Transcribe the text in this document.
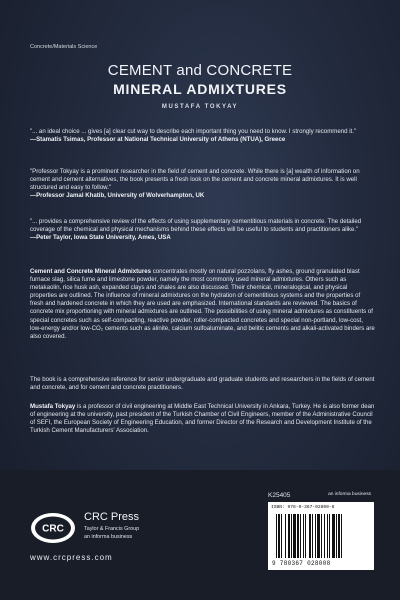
Concrete/Materials Science
CEMENT and CONCRETE
MINERAL ADMIXTURES
MUSTAFA TOKYAY
"... an ideal choice ... gives [a] clear cut way to describe each important thing you need to know. I strongly recommend it."
—Stamatis Tsimas, Professor at National Technical University of Athens (NTUA), Greece
"Professor Tokyay is a prominent researcher in the field of cement and concrete. While there is [a] wealth of information on cement and cement alternatives, the book presents a fresh look on the cement and concrete mineral admixtures. It is well structured and easy to follow."
—Professor Jamal Khatib, University of Wolverhampton, UK
"... provides a comprehensive review of the effects of using supplementary cementitious materials in concrete. The detailed coverage of the chemical and physical mechanisms behind these effects will be useful to students and practitioners alike."
—Peter Taylor, Iowa State University, Ames, USA

Cement and Concrete Mineral Admixtures concentrates mostly on natural pozzolans, fly ashes, ground granulated blast furnace slag, silica fume and limestone powder, namely the most commonly used mineral admixtures. Others such as metakaolin, rice husk ash, expanded clays and shales are also discussed. Their chemical, mineralogical, and physical properties are outlined. The influence of mineral admixtures on the hydration of cementitious systems and the properties of fresh and hardened concrete in which they are used are emphasized. International standards are reviewed. The basics of concrete mix proportioning with mineral admixtures are outlined. The possibilities of using mineral admixtures as constituents of special concretes such as self-compacting, reactive powder, roller-compacted concretes and special non-portland, low-cost, low-energy and/or low-CO₂ cements such as alinite, calcium sulfoaluminate, and belitic cements and alkali-activated binders are also covered.

The book is a comprehensive reference for senior undergraduate and graduate students and researchers in the fields of cement and concrete, and for cement and concrete practitioners.

Mustafa Tokyay is a professor of civil engineering at Middle East Technical University in Ankara, Turkey. He is also former dean of engineering at the university, past president of the Turkish Chamber of Civil Engineers, member of the Administrative Council of SEFI, the European Society of Engineering Education, and former Director of the Research and Development Institute of the Turkish Cement Manufacturers' Association.

K25405	an informa business
ISBN: 978-0-367-02800-8
9 780367 028008
CRC
CRC Press
Taylor & Francis Group
an informa business
www.crcpress.com
